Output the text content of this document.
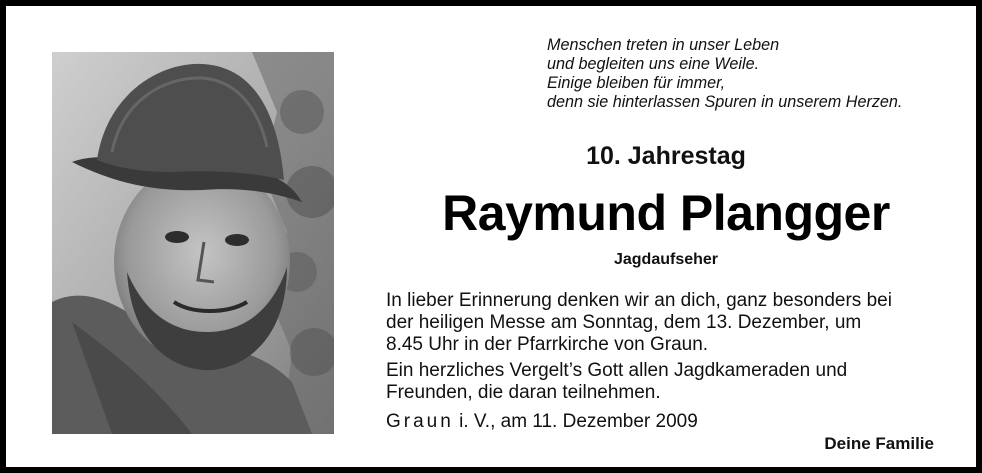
Menschen treten in unser Leben
und begleiten uns eine Weile.
Einige bleiben für immer,
denn sie hinterlassen Spuren in unserem Herzen.
10. Jahrestag
Raymund Plangger
Jagdaufseher

In lieber Erinnerung denken wir an dich, ganz besonders bei
der heiligen Messe am Sonntag, dem 13. Dezember, um
8.45 Uhr in der Pfarrkirche von Graun.

Ein herzliches Vergelt’s Gott allen Jagdkameraden und
Freunden, die daran teilnehmen.

Graun i. V., am 11. Dezember 2009
Deine Familie
